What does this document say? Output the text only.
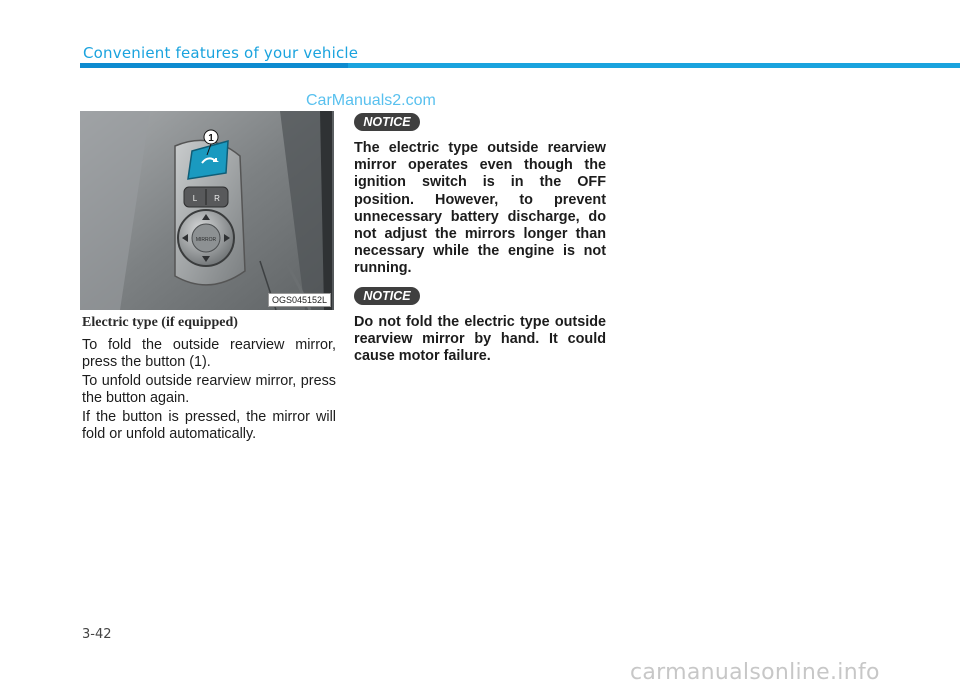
Convenient features of your vehicle
CarManuals2.com
1
L R
MIRROR
OGS045152L
Electric type (if equipped)

To fold the outside rearview mirror, press the button (1).

To unfold outside rearview mirror, press the button again.

If the button is pressed, the mirror will fold or unfold automatically.

NOTICE

The electric type outside rearview mirror operates even though the ignition switch is in the OFF position. However, to prevent unnecessary battery discharge, do not adjust the mirrors longer than necessary while the engine is not running.

NOTICE

Do not fold the electric type outside rearview mirror by hand. It could cause motor failure.

3-42
carmanualsonline.info
